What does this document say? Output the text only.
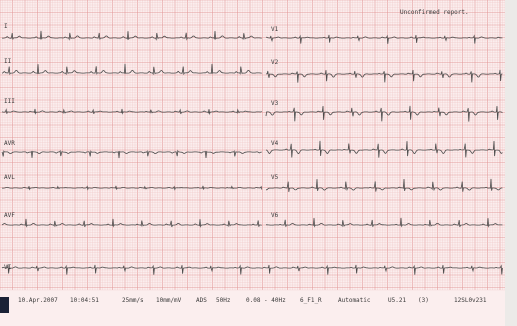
Unconfirmed report.
I
II
III
AVR
AVL
AVF
V1
V2
V3
V4
V5
V6
VI
10.Apr.2007 10:04:51	25mm/s 10mm/mV ADS 50Hz	0.08 - 40Hz 6_F1_R	Automatic	U5.21 (3)	12SL0v231
